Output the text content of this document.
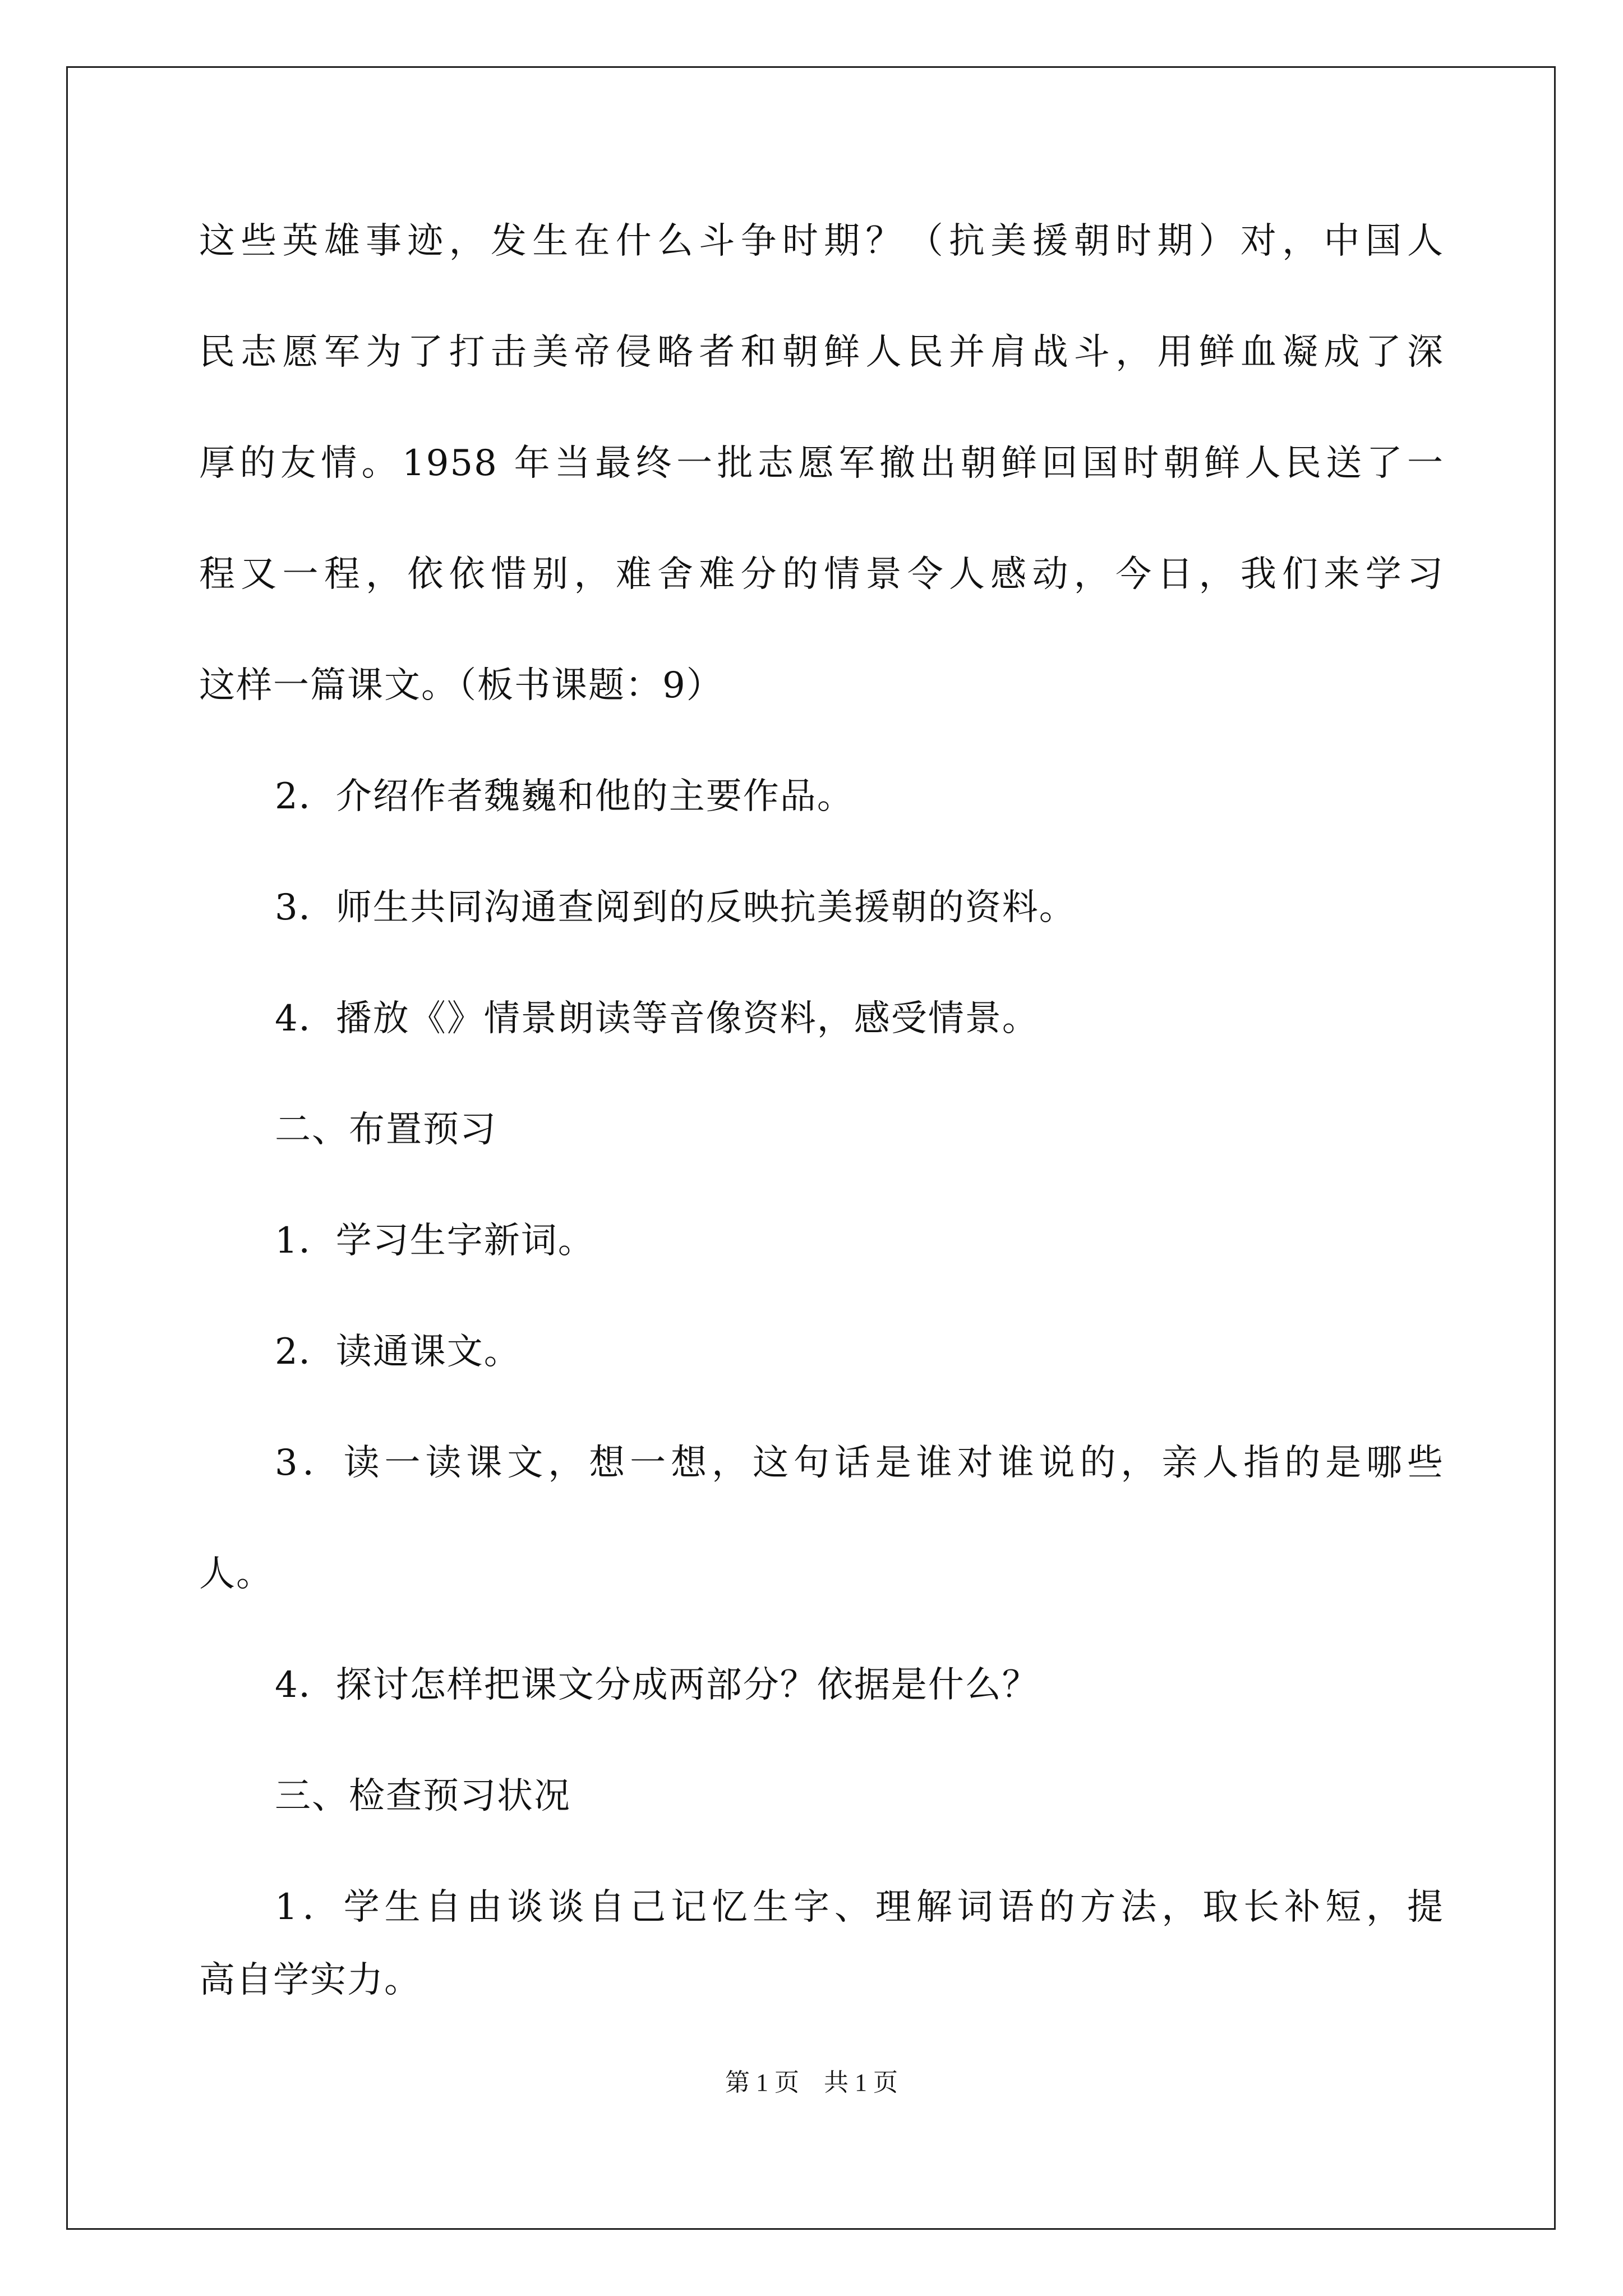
这些英雄事迹，发生在什么斗争时期？（抗美援朝时期）对，中国人
民志愿军为了打击美帝侵略者和朝鲜人民并肩战斗，用鲜血凝成了深
厚的友情。1958 年当最终一批志愿军撤出朝鲜回国时朝鲜人民送了一
程又一程，依依惜别，难舍难分的情景令人感动，今日，我们来学习
这样一篇课文。（板书课题：9）
2．介绍作者魏巍和他的主要作品。
3．师生共同沟通查阅到的反映抗美援朝的资料。
4．播放《》情景朗读等音像资料，感受情景。
二、布置预习
1．学习生字新词。
2．读通课文。
3．读一读课文，想一想，这句话是谁对谁说的，亲人指的是哪些
人。
4．探讨怎样把课文分成两部分？依据是什么？
三、检查预习状况
1．学生自由谈谈自己记忆生字、理解词语的方法，取长补短，提
高自学实力。
第 1 页    共 1 页
